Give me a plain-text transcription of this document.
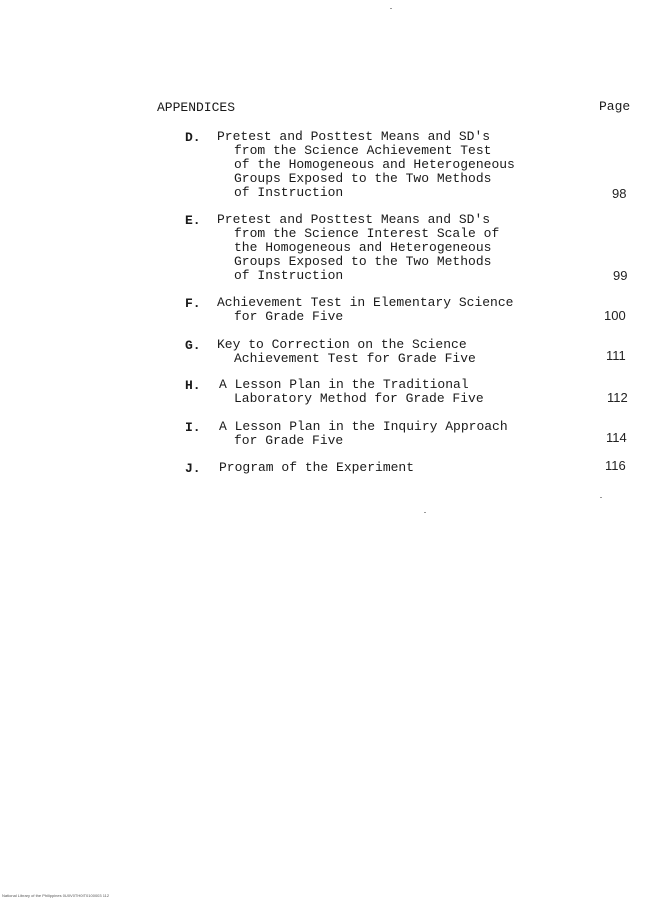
APPENDICES	Page
D. Pretest and Posttest Means and SD's
from the Science Achievement Test
of the Homogeneous and Heterogeneous
Groups Exposed to the Two Methods
of Instruction	98
E. Pretest and Posttest Means and SD's
from the Science Interest Scale of
the Homogeneous and Heterogeneous
Groups Exposed to the Two Methods
of Instruction	99
F. Achievement Test in Elementary Science
for Grade Five	100
G. Key to Correction on the Science
Achievement Test for Grade Five	111
H. A Lesson Plan in the Traditional
Laboratory Method for Grade Five	112
I. A Lesson Plan in the Inquiry Approach
for Grade Five	114
J. Program of the Experiment	116
National Library of the Philippines 0U0V0TH0IT0100003 112
